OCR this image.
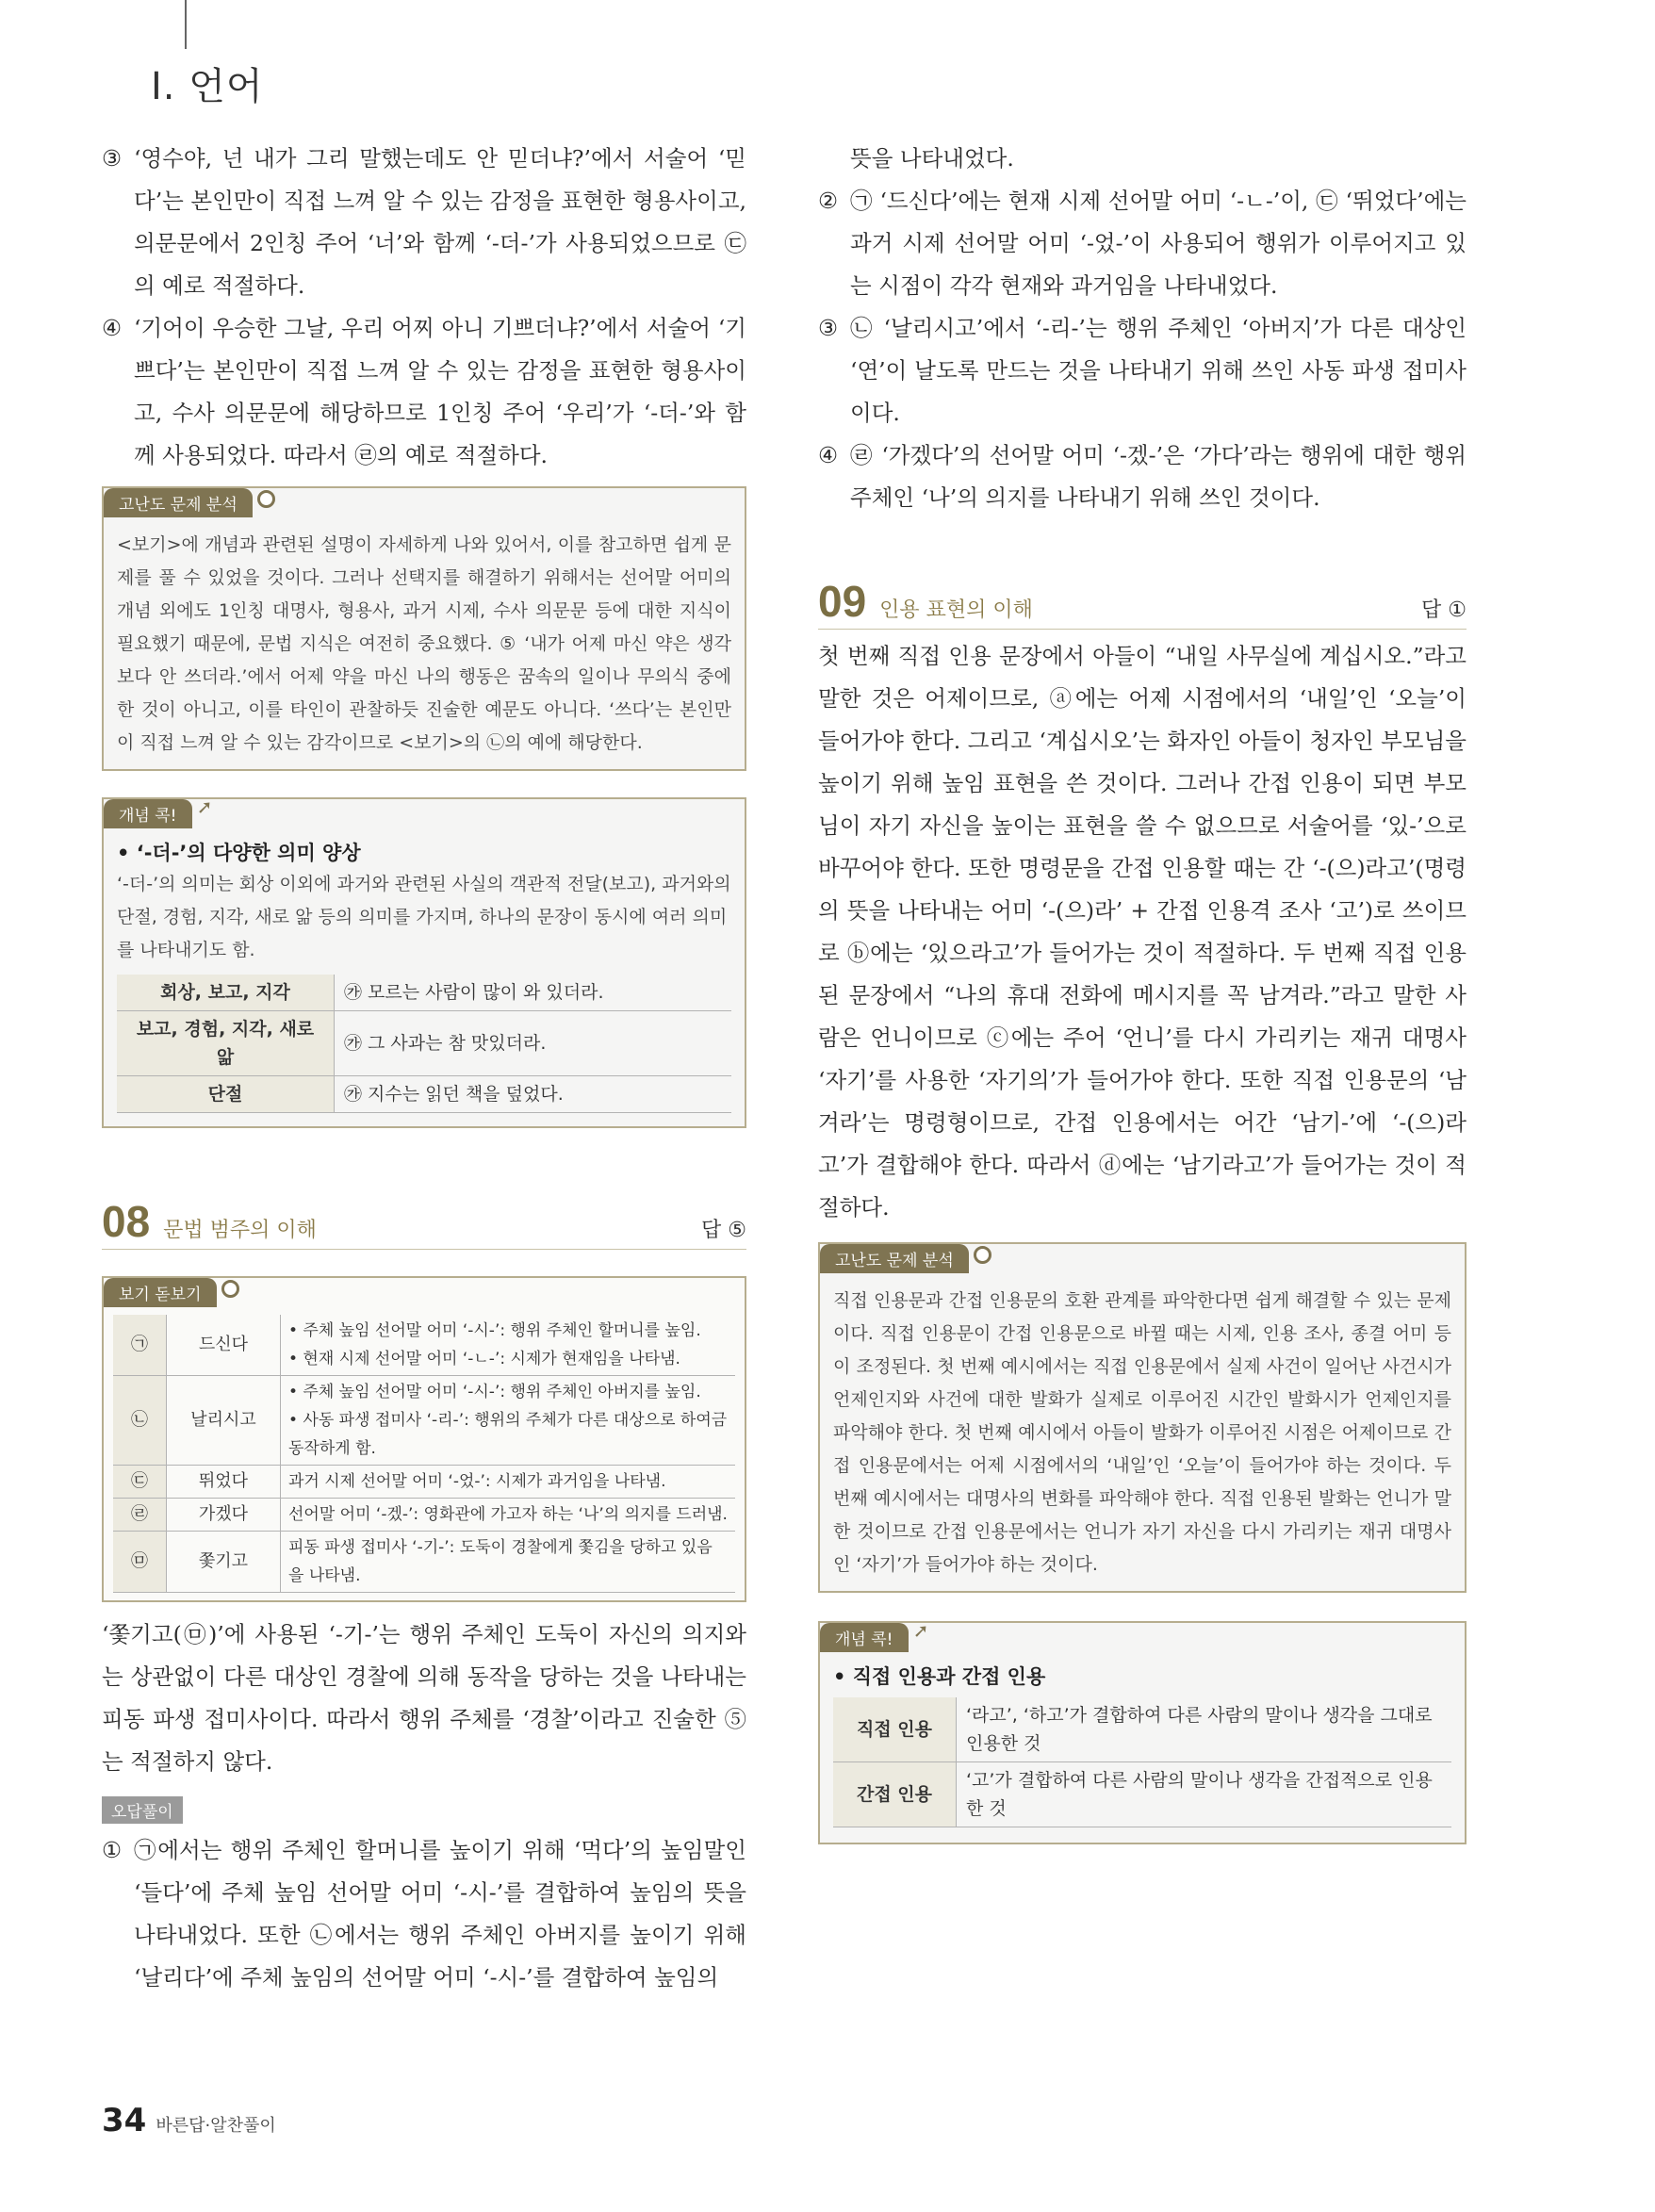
Ⅰ. 언어
③ ‘영수야, 넌 내가 그리 말했는데도 안 믿더냐?’에서 서술어 ‘믿다’는 본인만이 직접 느껴 알 수 있는 감정을 표현한 형용사이고, 의문문에서 2인칭 주어 ‘너’와 함께 ‘-더-’가 사용되었으므로 ㉢의 예로 적절하다.
④ ‘기어이 우승한 그날, 우리 어찌 아니 기쁘더냐?’에서 서술어 ‘기쁘다’는 본인만이 직접 느껴 알 수 있는 감정을 표현한 형용사이고, 수사 의문문에 해당하므로 1인칭 주어 ‘우리’가 ‘-더-’와 함께 사용되었다. 따라서 ㉣의 예로 적절하다.
고난도 문제 분석
<보기>에 개념과 관련된 설명이 자세하게 나와 있어서, 이를 참고하면 쉽게 문제를 풀 수 있었을 것이다. 그러나 선택지를 해결하기 위해서는 선어말 어미의 개념 외에도 1인칭 대명사, 형용사, 과거 시제, 수사 의문문 등에 대한 지식이 필요했기 때문에, 문법 지식은 여전히 중요했다. ⑤ ‘내가 어제 마신 약은 생각보다 안 쓰더라.’에서 어제 약을 마신 나의 행동은 꿈속의 일이나 무의식 중에 한 것이 아니고, 이를 타인이 관찰하듯 진술한 예문도 아니다. ‘쓰다’는 본인만이 직접 느껴 알 수 있는 감각이므로 <보기>의 ㉡의 예에 해당한다.
개념 콕! ➚
• ‘-더-’의 다양한 의미 양상
‘-더-’의 의미는 회상 이외에 과거와 관련된 사실의 객관적 전달(보고), 과거와의 단절, 경험, 지각, 새로 앎 등의 의미를 가지며, 하나의 문장이 동시에 여러 의미를 나타내기도 함.
회상, 보고, 지각	㉮ 모르는 사람이 많이 와 있더라.
보고, 경험, 지각, 새로 앎	㉮ 그 사과는 참 맛있더라.
단절	㉮ 지수는 읽던 책을 덮었다.
08 문법 범주의 이해	답 ⑤
보기 돋보기
㉠	드신다	• 주체 높임 선어말 어미 ‘-시-’: 행위 주체인 할머니를 높임.
• 현재 시제 선어말 어미 ‘-ㄴ-’: 시제가 현재임을 나타냄.

㉡	날리시고	• 주체 높임 선어말 어미 ‘-시-’: 행위 주체인 아버지를 높임.
• 사동 파생 접미사 ‘-리-’: 행위의 주체가 다른 대상으로 하여금 동작하게 함.

㉢	뛰었다	과거 시제 선어말 어미 ‘-었-’: 시제가 과거임을 나타냄.
㉣	가겠다	선어말 어미 ‘-겠-’: 영화관에 가고자 하는 ‘나’의 의지를 드러냄.
㉤	쫓기고	피동 파생 접미사 ‘-기-’: 도둑이 경찰에게 쫓김을 당하고 있음을 나타냄.

‘쫓기고(㉤)’에 사용된 ‘-기-’는 행위 주체인 도둑이 자신의 의지와는 상관없이 다른 대상인 경찰에 의해 동작을 당하는 것을 나타내는 피동 파생 접미사이다. 따라서 행위 주체를 ‘경찰’이라고 진술한 ⑤는 적절하지 않다.

오답풀이
① ㉠에서는 행위 주체인 할머니를 높이기 위해 ‘먹다’의 높임말인 ‘들다’에 주체 높임 선어말 어미 ‘-시-’를 결합하여 높임의 뜻을 나타내었다. 또한 ㉡에서는 행위 주체인 아버지를 높이기 위해 ‘날리다’에 주체 높임의 선어말 어미 ‘-시-’를 결합하여 높임의
뜻을 나타내었다.
② ㉠ ‘드신다’에는 현재 시제 선어말 어미 ‘-ㄴ-’이, ㉢ ‘뛰었다’에는 과거 시제 선어말 어미 ‘-었-’이 사용되어 행위가 이루어지고 있는 시점이 각각 현재와 과거임을 나타내었다.
③ ㉡ ‘날리시고’에서 ‘-리-’는 행위 주체인 ‘아버지’가 다른 대상인 ‘연’이 날도록 만드는 것을 나타내기 위해 쓰인 사동 파생 접미사이다.
④ ㉣ ‘가겠다’의 선어말 어미 ‘-겠-’은 ‘가다’라는 행위에 대한 행위 주체인 ‘나’의 의지를 나타내기 위해 쓰인 것이다.
09 인용 표현의 이해	답 ①

첫 번째 직접 인용 문장에서 아들이 “내일 사무실에 계십시오.”라고 말한 것은 어제이므로, ⓐ에는 어제 시점에서의 ‘내일’인 ‘오늘’이 들어가야 한다. 그리고 ‘계십시오’는 화자인 아들이 청자인 부모님을 높이기 위해 높임 표현을 쓴 것이다. 그러나 간접 인용이 되면 부모님이 자기 자신을 높이는 표현을 쓸 수 없으므로 서술어를 ‘있-’으로 바꾸어야 한다. 또한 명령문을 간접 인용할 때는 간 ‘-(으)라고’(명령의 뜻을 나타내는 어미 ‘-(으)라’ + 간접 인용격 조사 ‘고’)로 쓰이므로 ⓑ에는 ‘있으라고’가 들어가는 것이 적절하다. 두 번째 직접 인용된 문장에서 “나의 휴대 전화에 메시지를 꼭 남겨라.”라고 말한 사람은 언니이므로 ⓒ에는 주어 ‘언니’를 다시 가리키는 재귀 대명사 ‘자기’를 사용한 ‘자기의’가 들어가야 한다. 또한 직접 인용문의 ‘남겨라’는 명령형이므로, 간접 인용에서는 어간 ‘남기-’에 ‘-(으)라고’가 결합해야 한다. 따라서 ⓓ에는 ‘남기라고’가 들어가는 것이 적절하다.

고난도 문제 분석
직접 인용문과 간접 인용문의 호환 관계를 파악한다면 쉽게 해결할 수 있는 문제이다. 직접 인용문이 간접 인용문으로 바뀔 때는 시제, 인용 조사, 종결 어미 등이 조정된다. 첫 번째 예시에서는 직접 인용문에서 실제 사건이 일어난 사건시가 언제인지와 사건에 대한 발화가 실제로 이루어진 시간인 발화시가 언제인지를 파악해야 한다. 첫 번째 예시에서 아들이 발화가 이루어진 시점은 어제이므로 간접 인용문에서는 어제 시점에서의 ‘내일’인 ‘오늘’이 들어가야 하는 것이다. 두 번째 예시에서는 대명사의 변화를 파악해야 한다. 직접 인용된 발화는 언니가 말한 것이므로 간접 인용문에서는 언니가 자기 자신을 다시 가리키는 재귀 대명사인 ‘자기’가 들어가야 하는 것이다.
개념 콕! ➚
• 직접 인용과 간접 인용
직접 인용	‘라고’, ‘하고’가 결합하여 다른 사람의 말이나 생각을 그대로 인용한 것
간접 인용	‘고’가 결합하여 다른 사람의 말이나 생각을 간접적으로 인용한 것
34 바른답·알찬풀이
